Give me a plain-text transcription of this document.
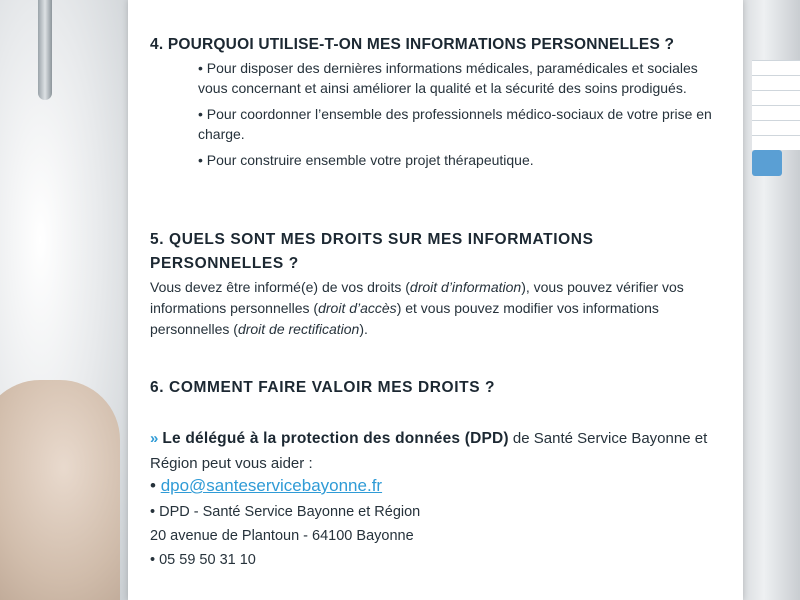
4. POURQUOI UTILISE-T-ON MES INFORMATIONS PERSONNELLES ?

• Pour disposer des dernières informations médicales, paramédicales et sociales vous concernant et ainsi améliorer la qualité et la sécurité des soins prodigués.

• Pour coordonner l’ensemble des professionnels médico-sociaux de votre prise en charge.

• Pour construire ensemble votre projet thérapeutique.

5. QUELS SONT MES DROITS SUR MES INFORMATIONS PERSONNELLES ?

Vous devez être informé(e) de vos droits (droit d’information), vous pouvez vérifier vos informations personnelles (droit d’accès) et vous pouvez modifier vos informations personnelles (droit de rectification).

6. COMMENT FAIRE VALOIR MES DROITS ?
» Le délégué à la protection des données (DPD) de Santé Service Bayonne et Région peut vous aider :
• dpo@santeservicebayonne.fr
• DPD - Santé Service Bayonne et Région
20 avenue de Plantoun - 64100 Bayonne
• 05 59 50 31 10
